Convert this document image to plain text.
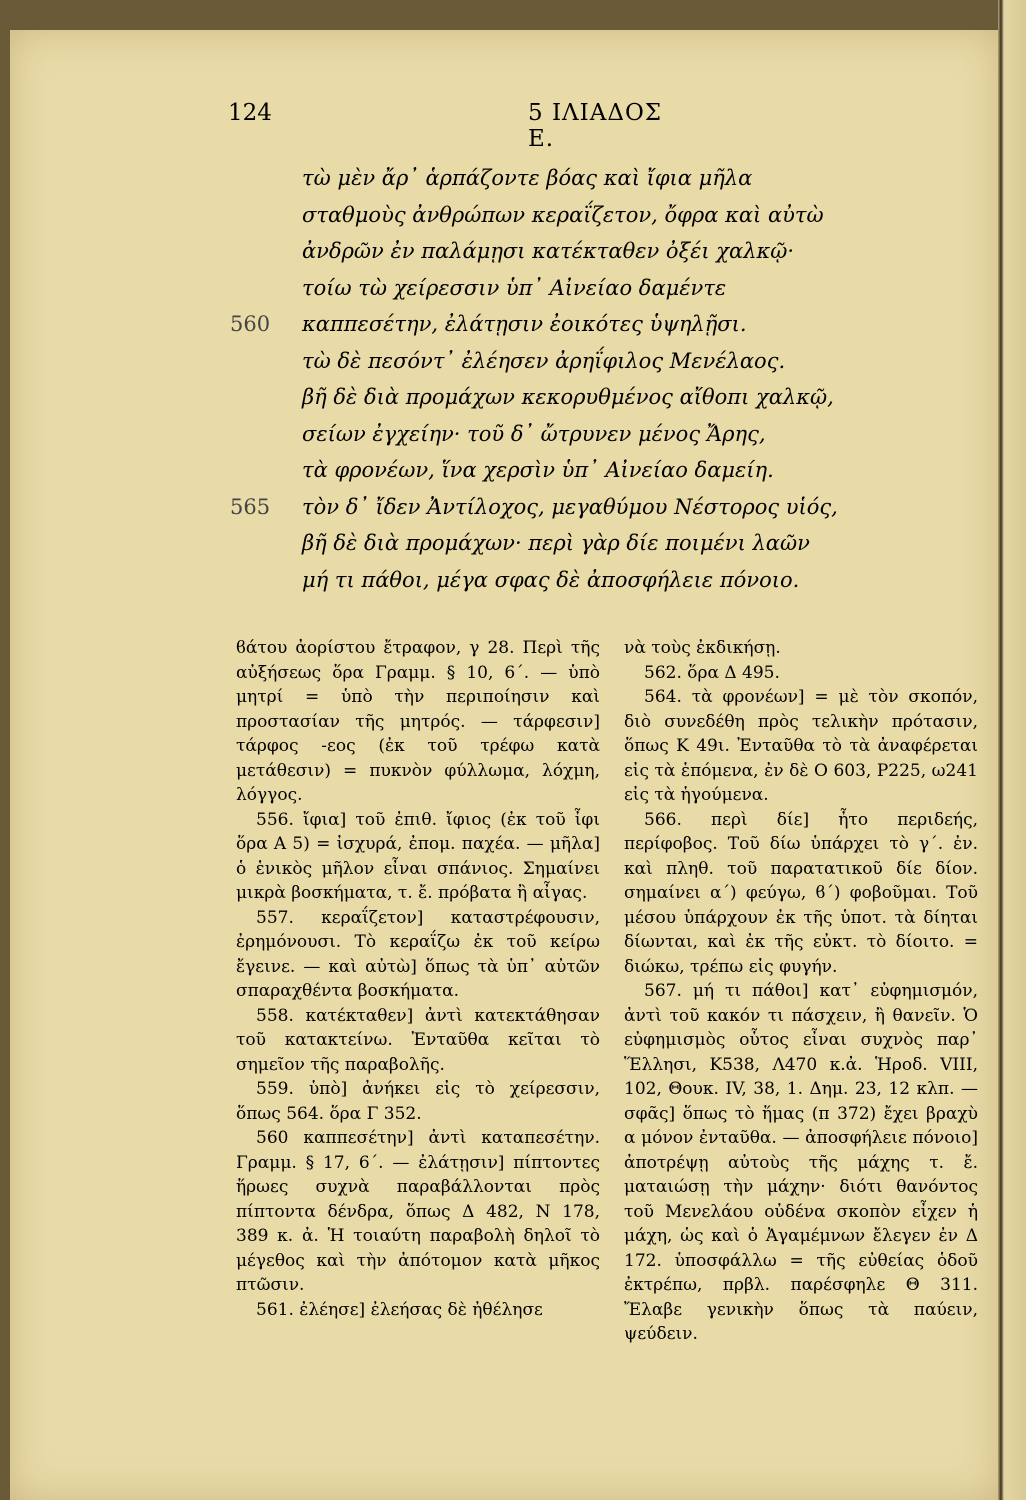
124	5 ΙΛΙΑΔΟΣ Ε.
τὼ μὲν ἄρ᾽ ἁρπάζοντε βόας καὶ ἴφια μῆλα
σταθμοὺς ἀνθρώπων κεραΐζετον, ὄφρα καὶ αὐτὼ
ἀνδρῶν ἐν παλάμῃσι κατέκταθεν ὀξέι χαλκῷ·
τοίω τὼ χείρεσσιν ὑπ᾽ Αἰνείαο δαμέντε
560	καππεσέτην, ἐλάτῃσιν ἐοικότες ὑψηλῇσι.
τὼ δὲ πεσόντ᾽ ἐλέησεν ἀρηΐφιλος Μενέλαος.
βῆ δὲ διὰ προμάχων κεκορυθμένος αἴθοπι χαλκῷ,
σείων ἐγχείην· τοῦ δ᾽ ὤτρυνεν μένος Ἄρης,
τὰ φρονέων, ἵνα χερσὶν ὑπ᾽ Αἰνείαο δαμείη.
565	τὸν δ᾽ ἴδεν Ἀντίλοχος, μεγαθύμου Νέστορος υἱός,
βῆ δὲ διὰ προμάχων· περὶ γὰρ δίε ποιμένι λαῶν
μή τι πάθοι, μέγα σφας δὲ ἀποσφήλειε πόνοιο.

ϐάτου ἀορίστου ἔτραφον, γ 28. Περὶ τῆς αὐξήσεως ὅρα Γραμμ. § 10, 6΄. — ὑπὸ μητρί = ὑπὸ τὴν περιποίησιν καὶ προστασίαν τῆς μητρός. — τάρφεσιν] τάρφος ‑εος (ἐκ τοῦ τρέφω κατὰ μετάθεσιν) = πυκνὸν φύλλωμα, λόχμη, λόγγος.

556. ἴφια] τοῦ ἐπιθ. ἴφιος (ἐκ τοῦ ἶφι ὅρα Α 5) = ἰσχυρά, ἐπομ. παχέα. — μῆλα] ὁ ἑνικὸς μῆλον εἶναι σπάνιος. Σημαίνει μικρὰ βοσκήματα, τ. ἔ. πρόβατα ἢ αἶγας.

557. κεραΐζετον] καταστρέφουσιν, ἐρημόνουσι. Τὸ κεραΐζω ἐκ τοῦ κείρω ἔγεινε. — καὶ αὐτὼ] ὅπως τὰ ὑπ᾽ αὐτῶν σπαραχθέντα βοσκήματα.

558. κατέκταθεν] ἀντὶ κατεκτάθησαν τοῦ κατακτείνω. Ἐνταῦθα κεῖται τὸ σημεῖον τῆς παραβολῆς.

559. ὑπὸ] ἀνήκει εἰς τὸ χείρεσσιν, ὅπως 564. ὅρα Γ 352.

560 καππεσέτην] ἀντὶ καταπεσέτην. Γραμμ. § 17, 6΄. — ἐλάτῃσιν] πίπτοντες ἥρωες συχνὰ παραβάλλονται πρὸς πίπτοντα δένδρα, ὅπως Δ 482, Ν 178, 389 κ. ἀ. Ἡ τοιαύτη παραβολὴ δηλοῖ τὸ μέγεθος καὶ τὴν ἀπότομον κατὰ μῆκος πτῶσιν.

561. ἐλέησε] ἐλεήσας δὲ ἠθέλησε

νὰ τοὺς ἐκδικήσῃ.

562. ὅρα Δ 495.

564. τὰ φρονέων] = μὲ τὸν σκοπόν, διὸ συνεδέθη πρὸς τελικὴν πρότασιν, ὅπως Κ 49ι. Ἐνταῦθα τὸ τὰ ἀναφέρεται εἰς τὰ ἑπόμενα, ἐν δὲ Ο 603, Ρ225, ω241 εἰς τὰ ἡγούμενα.

566. περὶ δίε] ἦτο περιδεής, περίφοβος. Τοῦ δίω ὑπάρχει τὸ γ΄. ἐν. καὶ πληθ. τοῦ παρατατικοῦ δίε δίον. σημαίνει α΄) φεύγω, ϐ΄) φοβοῦμαι. Τοῦ μέσου ὑπάρχουν ἐκ τῆς ὑποτ. τὰ δίηται δίωνται, καὶ ἐκ τῆς εὐκτ. τὸ δίοιτο. = διώκω, τρέπω εἰς φυγήν.

567. μή τι πάθοι] κατ᾽ εὐφημισμόν, ἀντὶ τοῦ κακόν τι πάσχειν, ἢ θανεῖν. Ὁ εὐφημισμὸς οὗτος εἶναι συχνὸς παρ᾽ Ἕλλησι, Κ538, Λ470 κ.ἀ. Ἡροδ. VIII, 102, Θουκ. IV, 38, 1. Δημ. 23, 12 κλπ. — σφᾶς] ὅπως τὸ ἥμας (π 372) ἔχει βραχὺ α μόνον ἐνταῦθα. — ἀποσφήλειε πόνοιο] ἀποτρέψῃ αὐτοὺς τῆς μάχης τ. ἔ. ματαιώσῃ τὴν μάχην· διότι θανόντος τοῦ Μενελάου οὐδένα σκοπὸν εἶχεν ἡ μάχη, ὡς καὶ ὁ Ἀγαμέμνων ἔλεγεν ἐν Δ 172. ὑποσφάλλω = τῆς εὐθείας ὁδοῦ ἐκτρέπω, πρβλ. παρέσφηλε Θ 311. Ἔλαβε γενικὴν ὅπως τὰ παύειν, ψεύδειν.
